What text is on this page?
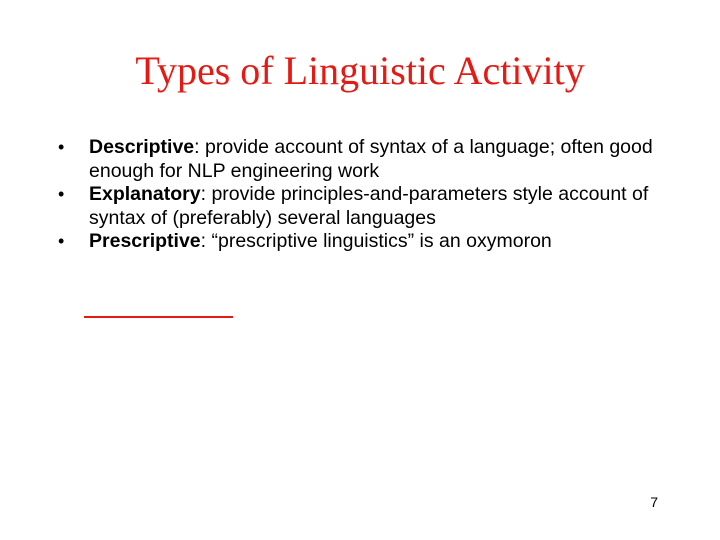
Types of Linguistic Activity
• Descriptive: provide account of syntax of a language; often good enough for NLP engineering work
• Explanatory: provide principles-and-parameters style account of syntax of (preferably) several languages
• Prescriptive: “prescriptive linguistics” is an oxymoron
7
